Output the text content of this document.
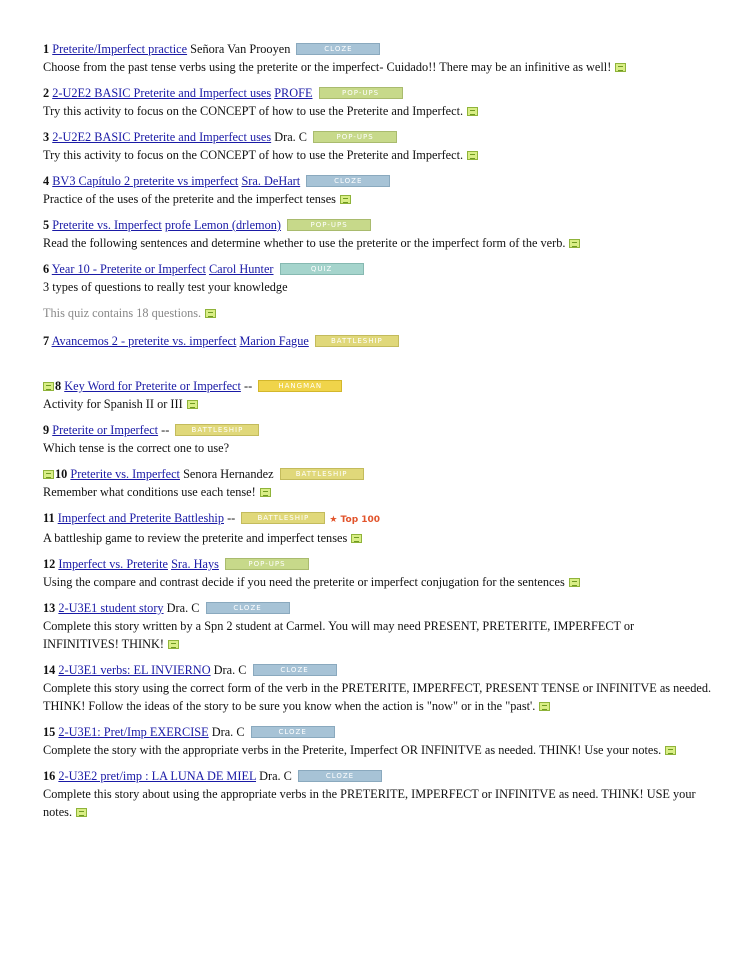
1 Preterite/Imperfect practice Señora Van Prooyen	CLOZE
Choose from the past tense verbs using the preterite or the imperfect- Cuidado!! There may be an infinitive as well!
2 2-U2E2 BASIC Preterite and Imperfect uses PROFE	POP-UPS
Try this activity to focus on the CONCEPT of how to use the Preterite and Imperfect.
3 2-U2E2 BASIC Preterite and Imperfect uses Dra. C	POP-UPS
Try this activity to focus on the CONCEPT of how to use the Preterite and Imperfect.
4 BV3 Capítulo 2 preterite vs imperfect Sra. DeHart	CLOZE
Practice of the uses of the preterite and the imperfect tenses
5 Preterite vs. Imperfect profe Lemon (drlemon)	POP-UPS
Read the following sentences and determine whether to use the preterite or the imperfect form of the verb.
6 Year 10 - Preterite or Imperfect Carol Hunter	QUIZ
3 types of questions to really test your knowledge
This quiz contains 18 questions.
7 Avancemos 2 - preterite vs. imperfect Marion Fague	BATTLESHIP
8 Key Word for Preterite or Imperfect --	HANGMAN
Activity for Spanish II or III
9 Preterite or Imperfect --	BATTLESHIP
Which tense is the correct one to use?
10 Preterite vs. Imperfect Senora Hernandez	BATTLESHIP
Remember what conditions use each tense!
11 Imperfect and Preterite Battleship --	BATTLESHIP ★ Top 100
A battleship game to review the preterite and imperfect tenses
12 Imperfect vs. Preterite Sra. Hays	POP-UPS
Using the compare and contrast decide if you need the preterite or imperfect conjugation for the sentences
13 2-U3E1 student story Dra. C	CLOZE
Complete this story written by a Spn 2 student at Carmel. You will may need PRESENT, PRETERITE, IMPERFECT or INFINITIVES! THINK!
14 2-U3E1 verbs: EL INVIERNO Dra. C	CLOZE
Complete this story using the correct form of the verb in the PRETERITE, IMPERFECT, PRESENT TENSE or INFINITVE as needed. THINK! Follow the ideas of the story to be sure you know when the action is "now" or in the "past'.
15 2-U3E1: Pret/Imp EXERCISE Dra. C	CLOZE
Complete the story with the appropriate verbs in the Preterite, Imperfect OR INFINITVE as needed. THINK! Use your notes.
16 2-U3E2 pret/imp : LA LUNA DE MIEL Dra. C	CLOZE
Complete this story about using the appropriate verbs in the PRETERITE, IMPERFECT or INFINITVE as need. THINK! USE your notes.
